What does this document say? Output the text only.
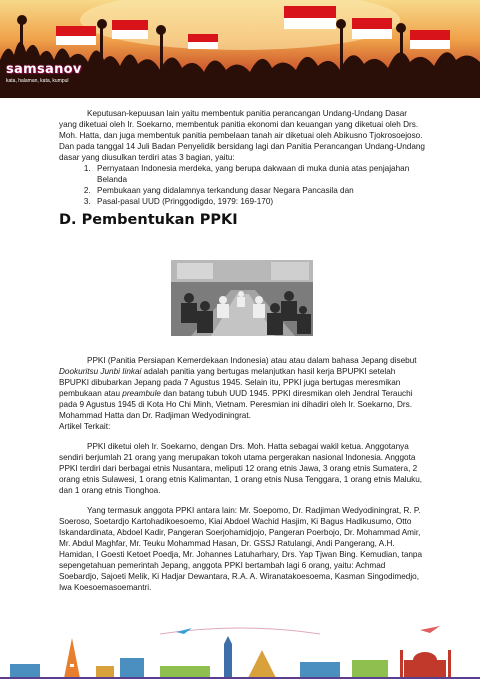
samsanov
kata, halaman, kata, kumpul

Keputusan-kepuusan lain yaitu membentuk panitia perancangan Undang-Undang Dasar yang diketuai oleh Ir. Soekarno, membentuk panitia ekonomi dan keuangan yang diketuai oleh Drs. Moh. Hatta, dan juga membentuk panitia pembelaan tanah air diketuai oleh Abikusno Tjokrosoejoso. Dan pada tanggal 14 Juli Badan Penyelidik bersidang lagi dan Panitia Perancangan Undang-Undang dasar yang diusulkan terdiri atas 3 bagian, yaitu:

1. Pernyataan Indonesia merdeka, yang berupa dakwaan di muka dunia atas penjajahan Belanda
2. Pembukaan yang didalamnya terkandung dasar Negara Pancasila dan
3. Pasal-pasal UUD (Pringgodigdo, 1979: 169-170)
D. Pembentukan PPKI

PPKI (Panitia Persiapan Kemerdekaan Indonesia) atau atau dalam bahasa Jepang disebut Dookuritsu Junbi Iinkai adalah panitia yang bertugas melanjutkan hasil kerja BPUPKI setelah BPUPKI dibubarkan Jepang pada 7 Agustus 1945. Selain itu, PPKI juga bertugas meresmikan pembukaan atau preambule dan batang tubuh UUD 1945. PPKI diresmikan oleh Jendral Terauchi pada 9 Agustus 1945 di Kota Ho Chi Minh, Vietnam. Peresmian ini dihadiri oleh Ir. Soekarno, Drs. Mohammad Hatta dan Dr. Radjiman Wedyodiningrat.

Artikel Terkait:

PPKI diketui oleh Ir. Soekarno, dengan Drs. Moh. Hatta sebagai wakil ketua. Anggotanya sendiri berjumlah 21 orang yang merupakan tokoh utama pergerakan nasional Indonesia. Anggota PPKI terdiri dari berbagai etnis Nusantara, meliputi 12 orang etnis Jawa, 3 orang etnis Sumatera, 2 orang etnis Sulawesi, 1 orang etnis Kalimantan, 1 orang etnis Nusa Tenggara, 1 orang etnis Maluku, dan 1 orang etnis Tionghoa.

Yang termasuk anggota PPKI antara lain: Mr. Soepomo, Dr. Radjiman Wedyodiningrat, R. P. Soeroso, Soetardjo Kartohadikoesoemo, Kiai Abdoel Wachid Hasjim, Ki Bagus Hadikusumo, Otto Iskandardinata, Abdoel Kadir, Pangeran Soerjohamidjojo, Pangeran Poerbojo, Dr. Mohammad Amir, Mr. Abdul Maghfar, Mr. Teuku Mohammad Hasan, Dr. GSSJ Ratulangi, Andi Pangerang, A.H. Hamidan, I Goesti Ketoet Poedja, Mr. Johannes Latuharhary, Drs. Yap Tjwan Bing. Kemudian, tanpa sepengetahuan pemerintah Jepang, anggota PPKI bertambah lagi 6 orang, yaitu: Achmad Soebardjo, Sajoeti Melik, Ki Hadjar Dewantara, R.A. A. Wiranatakoesoema, Kasman Singodimedjo, Iwa Koesoemasoemantri.
